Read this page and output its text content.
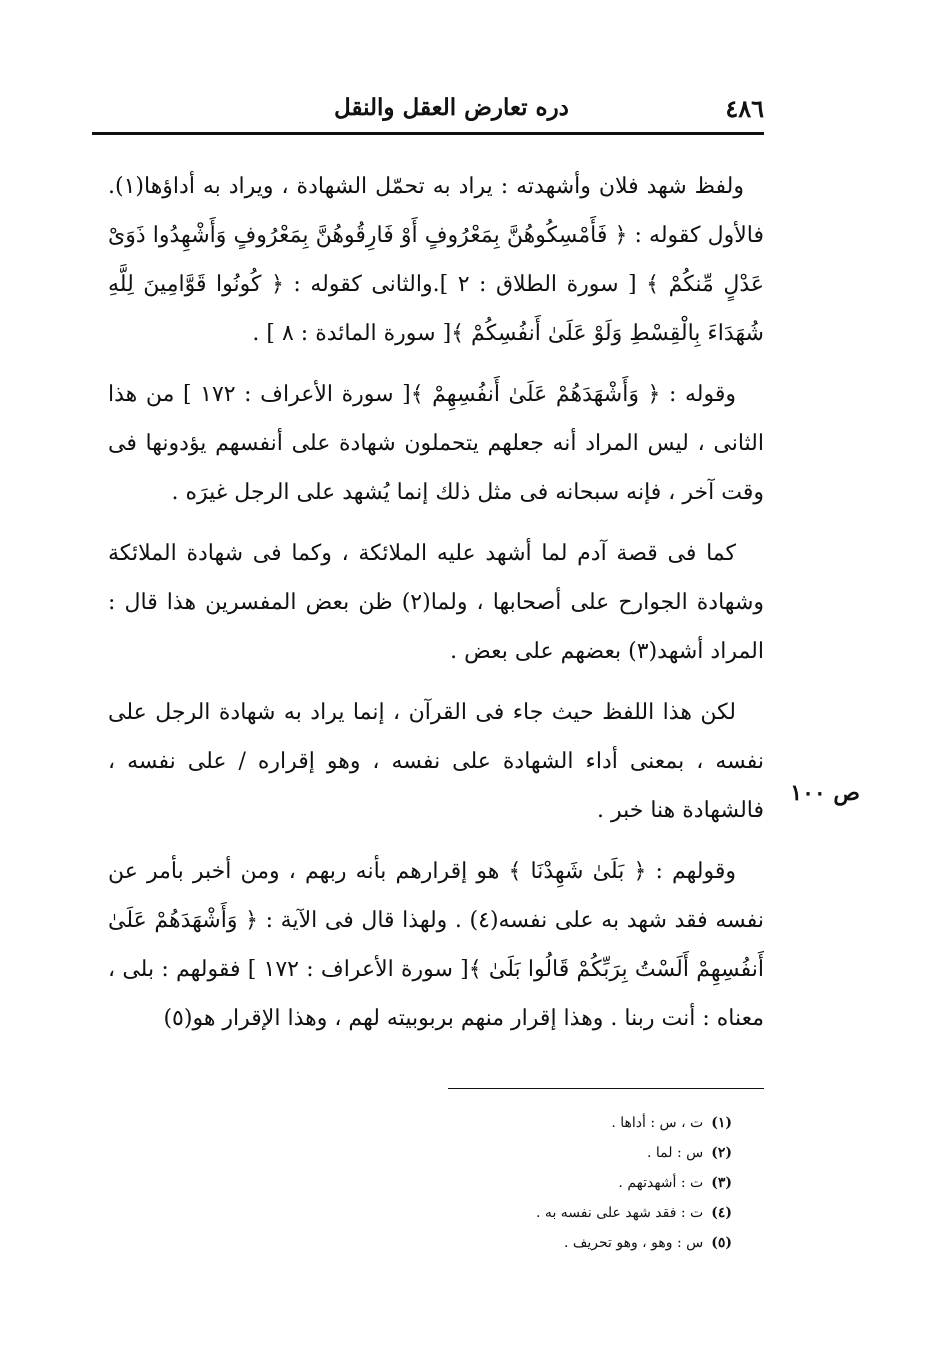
٤٨٦
دره تعارض العقل والنقل
ص ١٠٠

ولفظ شهد فلان وأشهدته : يراد به تحمّل الشهادة ، ويراد به أداؤها(١). فالأول كقوله : ﴿ فَأَمْسِكُوهُنَّ بِمَعْرُوفٍ أَوْ فَارِقُوهُنَّ بِمَعْرُوفٍ وَأَشْهِدُوا ذَوَىْ عَدْلٍ مِّنكُمْ ﴾ [ سورة الطلاق : ٢ ].والثانى كقوله : ﴿ كُونُوا قَوَّامِينَ لِلَّهِ شُهَدَاءَ بِالْقِسْطِ وَلَوْ عَلَىٰ أَنفُسِكُمْ ﴾[ سورة المائدة : ٨ ] .

وقوله : ﴿ وَأَشْهَدَهُمْ عَلَىٰ أَنفُسِهِمْ ﴾[ سورة الأعراف : ١٧٢ ] من هذا الثانى ، ليس المراد أنه جعلهم يتحملون شهادة على أنفسهم يؤدونها فى وقت آخر ، فإنه سبحانه فى مثل ذلك إنما يُشهد على الرجل غيرَه .

كما فى قصة آدم لما أشهد عليه الملائكة ، وكما فى شهادة الملائكة وشهادة الجوارح على أصحابها ، ولما(٢) ظن بعض المفسرين هذا قال : المراد أشهد(٣) بعضهم على بعض .

لكن هذا اللفظ حيث جاء فى القرآن ، إنما يراد به شهادة الرجل على نفسه ، بمعنى أداء الشهادة على نفسه ، وهو إقراره / على نفسه ، فالشهادة هنا خبر .

وقولهم : ﴿ بَلَىٰ شَهِدْنَا ﴾ هو إقرارهم بأنه ربهم ، ومن أخبر بأمر عن نفسه فقد شهد به على نفسه(٤) . ولهذا قال فى الآية : ﴿ وَأَشْهَدَهُمْ عَلَىٰ أَنفُسِهِمْ أَلَسْتُ بِرَبِّكُمْ قَالُوا بَلَىٰ ﴾[ سورة الأعراف : ١٧٢ ] فقولهم : بلى ، معناه : أنت ربنا . وهذا إقرار منهم بربوبيته لهم ، وهذا الإقرار هو(٥)

(١)ت ، س : أداها .
(٢)س : لما .
(٣)ت : أشهدتهم .
(٤)ت : فقد شهد على نفسه به .
(٥)س : وهو ، وهو تحريف .
